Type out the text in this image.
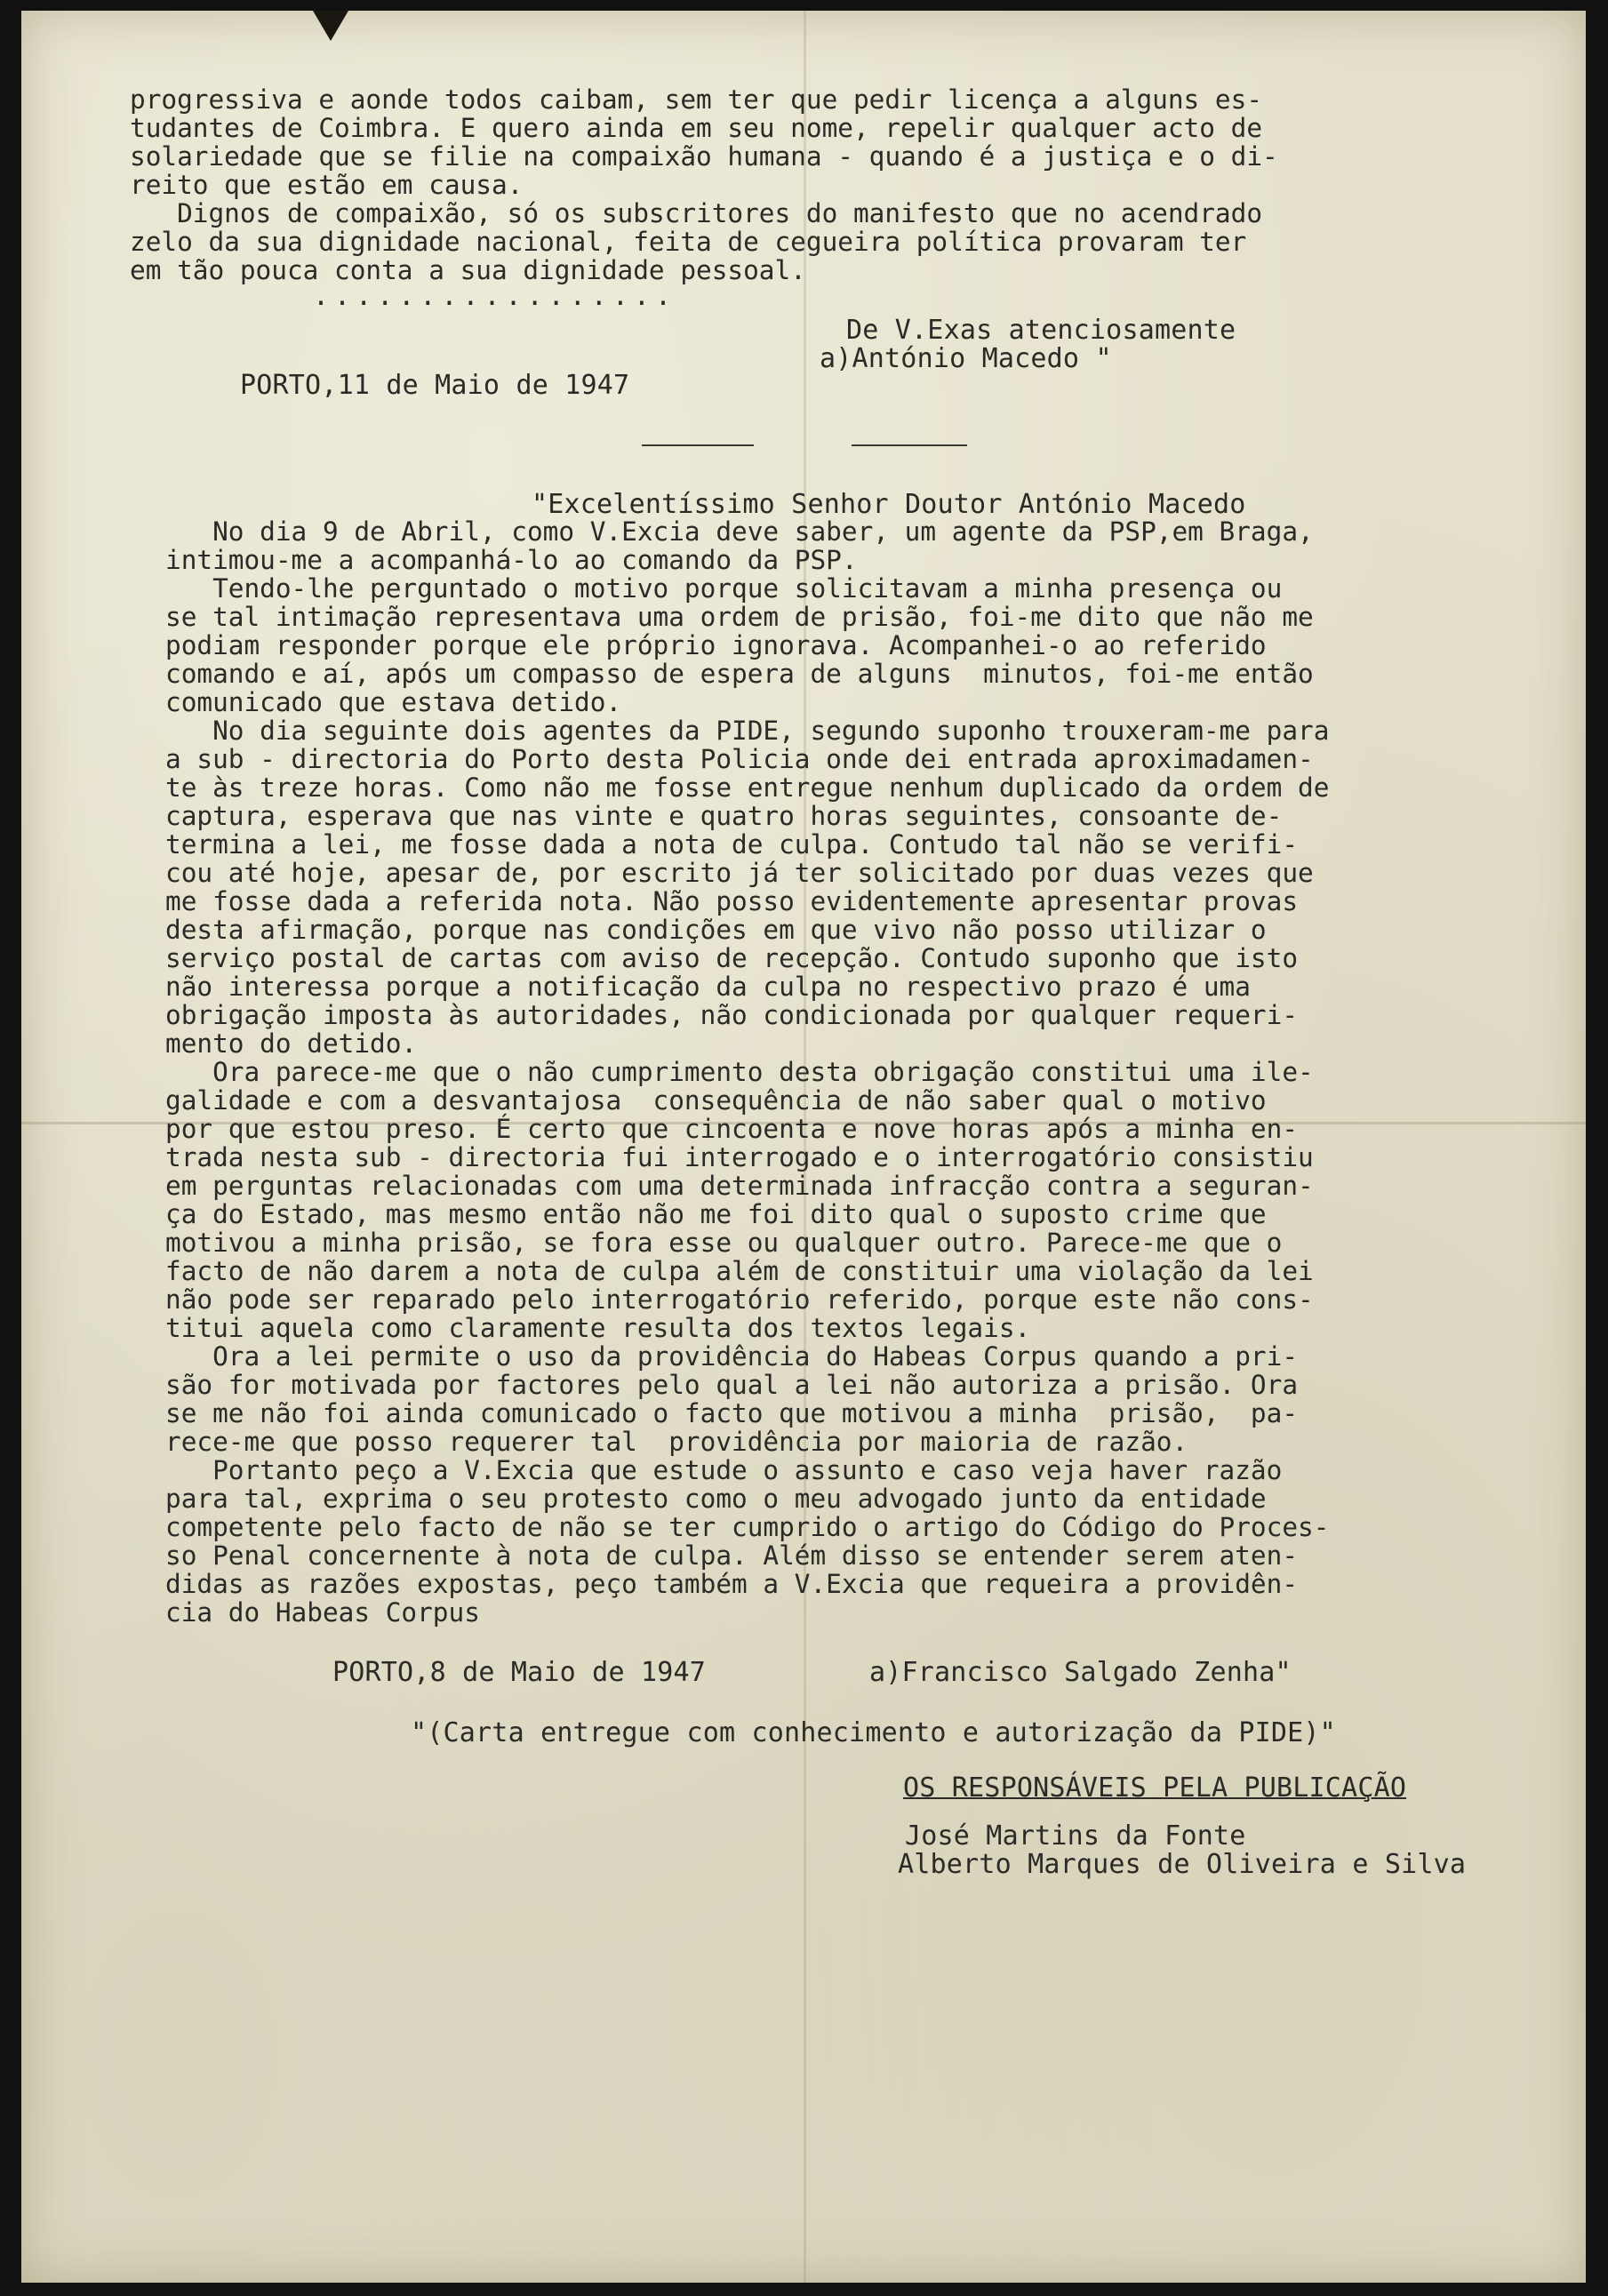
progressiva e aonde todos caibam, sem ter que pedir licença a alguns es-
tudantes de Coimbra. E quero ainda em seu nome, repelir qualquer acto de
solariedade que se filie na compaixão humana - quando é a justiça e o di-
reito que estão em causa.
Dignos de compaixão, só os subscritores do manifesto que no acendrado
zelo da sua dignidade nacional, feita de cegueira política provaram ter
em tão pouca conta a sua dignidade pessoal.
.................
De V.Exas atenciosamente
a)António Macedo "
PORTO,11 de Maio de 1947
"Excelentíssimo Senhor Doutor António Macedo
No dia 9 de Abril, como V.Excia deve saber, um agente da PSP,em Braga,
intimou-me a acompanhá-lo ao comando da PSP.
Tendo-lhe perguntado o motivo porque solicitavam a minha presença ou
se tal intimação representava uma ordem de prisão, foi-me dito que não me
podiam responder porque ele próprio ignorava. Acompanhei-o ao referido
comando e aí, após um compasso de espera de alguns  minutos, foi-me então
comunicado que estava detido.
No dia seguinte dois agentes da PIDE, segundo suponho trouxeram-me para
a sub - directoria do Porto desta Policia onde dei entrada aproximadamen-
te às treze horas. Como não me fosse entregue nenhum duplicado da ordem de
captura, esperava que nas vinte e quatro horas seguintes, consoante de-
termina a lei, me fosse dada a nota de culpa. Contudo tal não se verifi-
cou até hoje, apesar de, por escrito já ter solicitado por duas vezes que
me fosse dada a referida nota. Não posso evidentemente apresentar provas
desta afirmação, porque nas condições em que vivo não posso utilizar o
serviço postal de cartas com aviso de recepção. Contudo suponho que isto
não interessa porque a notificação da culpa no respectivo prazo é uma
obrigação imposta às autoridades, não condicionada por qualquer requeri-
mento do detido.
Ora parece-me que o não cumprimento desta obrigação constitui uma ile-
galidade e com a desvantajosa  consequência de não saber qual o motivo
por que estou preso. É certo que cincoenta e nove horas após a minha en-
trada nesta sub - directoria fui interrogado e o interrogatório consistiu
em perguntas relacionadas com uma determinada infracção contra a seguran-
ça do Estado, mas mesmo então não me foi dito qual o suposto crime que
motivou a minha prisão, se fora esse ou qualquer outro. Parece-me que o
facto de não darem a nota de culpa além de constituir uma violação da lei
não pode ser reparado pelo interrogatório referido, porque este não cons-
titui aquela como claramente resulta dos textos legais.
Ora a lei permite o uso da providência do Habeas Corpus quando a pri-
são for motivada por factores pelo qual a lei não autoriza a prisão. Ora
se me não foi ainda comunicado o facto que motivou a minha  prisão,  pa-
rece-me que posso requerer tal  providência por maioria de razão.
Portanto peço a V.Excia que estude o assunto e caso veja haver razão
para tal, exprima o seu protesto como o meu advogado junto da entidade
competente pelo facto de não se ter cumprido o artigo do Código do Proces-
so Penal concernente à nota de culpa. Além disso se entender serem aten-
didas as razões expostas, peço também a V.Excia que requeira a providên-
cia do Habeas Corpus
PORTO,8 de Maio de 1947	a)Francisco Salgado Zenha"
"(Carta entregue com conhecimento e autorização da PIDE)"
OS RESPONSÁVEIS PELA PUBLICAÇÃO
José Martins da Fonte
Alberto Marques de Oliveira e Silva
